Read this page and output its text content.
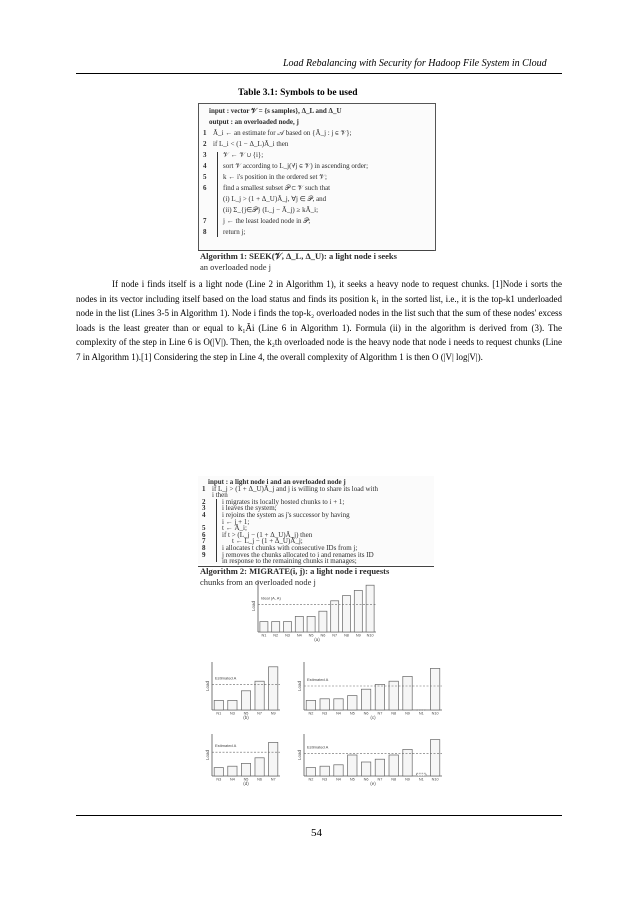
Load Rebalancing with Security for Hadoop File System in Cloud
Table 3.1: Symbols to be used
input : vector 𝒱 = {s samples}, Δ_L and Δ_U
output : an overloaded node, j
1 Ã_i ← an estimate for 𝒜 based on {Ã_j : j ∈ 𝒱};
2 if L_i < (1 − Δ_L)Ã_i then
3	𝒱 ← 𝒱 ∪ {i};
4	sort 𝒱 according to L_j(∀j ∈ 𝒱) in ascending order;
5	k ← i's position in the ordered set 𝒱;
6	find a smallest subset 𝒫 ⊂ 𝒱 such that
(i) L_j > (1 + Δ_U)Ã_j, ∀j ∈ 𝒫, and
(ii) Σ_{j∈𝒫} (L_j − Ã_j) ≥ kÃ_i;
7	j ← the least loaded node in 𝒫;
8	return j;
Algorithm 1: SEEK(𝒱, Δ_L, Δ_U): a light node i seeks
an overloaded node j

If node i finds itself is a light node (Line 2 in Algorithm 1), it seeks a heavy node to request chunks. [1]Node i sorts the nodes in its vector including itself based on the load status and finds its position k₁ in the sorted list, i.e., it is the top-k1 underloaded node in the list (Lines 3-5 in Algorithm 1). Node i finds the top-k₂ overloaded nodes in the list such that the sum of these nodes' excess loads is the least greater than or equal to k₁Ãi (Line 6 in Algorithm 1). Formula (ii) in the algorithm is derived from (3). The complexity of the step in Line 6 is O(|V|). Then, the k₂th overloaded node is the heavy node that node i needs to request chunks (Line 7 in Algorithm 1).[1] Considering the step in Line 4, the overall complexity of Algorithm 1 is then O (|V| log|V|).

input : a light node i and an overloaded node j
1 if L_j > (1 + Δ_U)Ã_j and j is willing to share its load with
i then
2	i migrates its locally hosted chunks to i + 1;
3	i leaves the system;
4	i rejoins the system as j's successor by having
i ← j + 1;
5	t ← Ã_i;
6	if t > (L_j − (1 + Δ_U)Ã_j) then
7	t ← L_j − (1 + Δ_U)Ã_j;
8	i allocates t chunks with consecutive IDs from j;
9	j removes the chunks allocated to i and renames its ID
in response to the remaining chunks it manages;
Algorithm 2: MIGRATE(i, j): a light node i requests
chunks from an overloaded node j
Load
N1 N2 N3 N4 N5 N6 N7 N8 N9 N10
Ideal (A, A)
(a)
Load
N1 N3 N5 N7 N9
Estimated A
(b)
Load
N2 N3 N4 N5 N6 N7 N8 N9 N1 N10
Estimated A
(c)
Load
N3 N4 N5 N6 N7
Estimated A
(d)
Load
N2 N3 N4 N5 N6 N7 N8 N9 N1 N10
Estimated A
(e)
54
